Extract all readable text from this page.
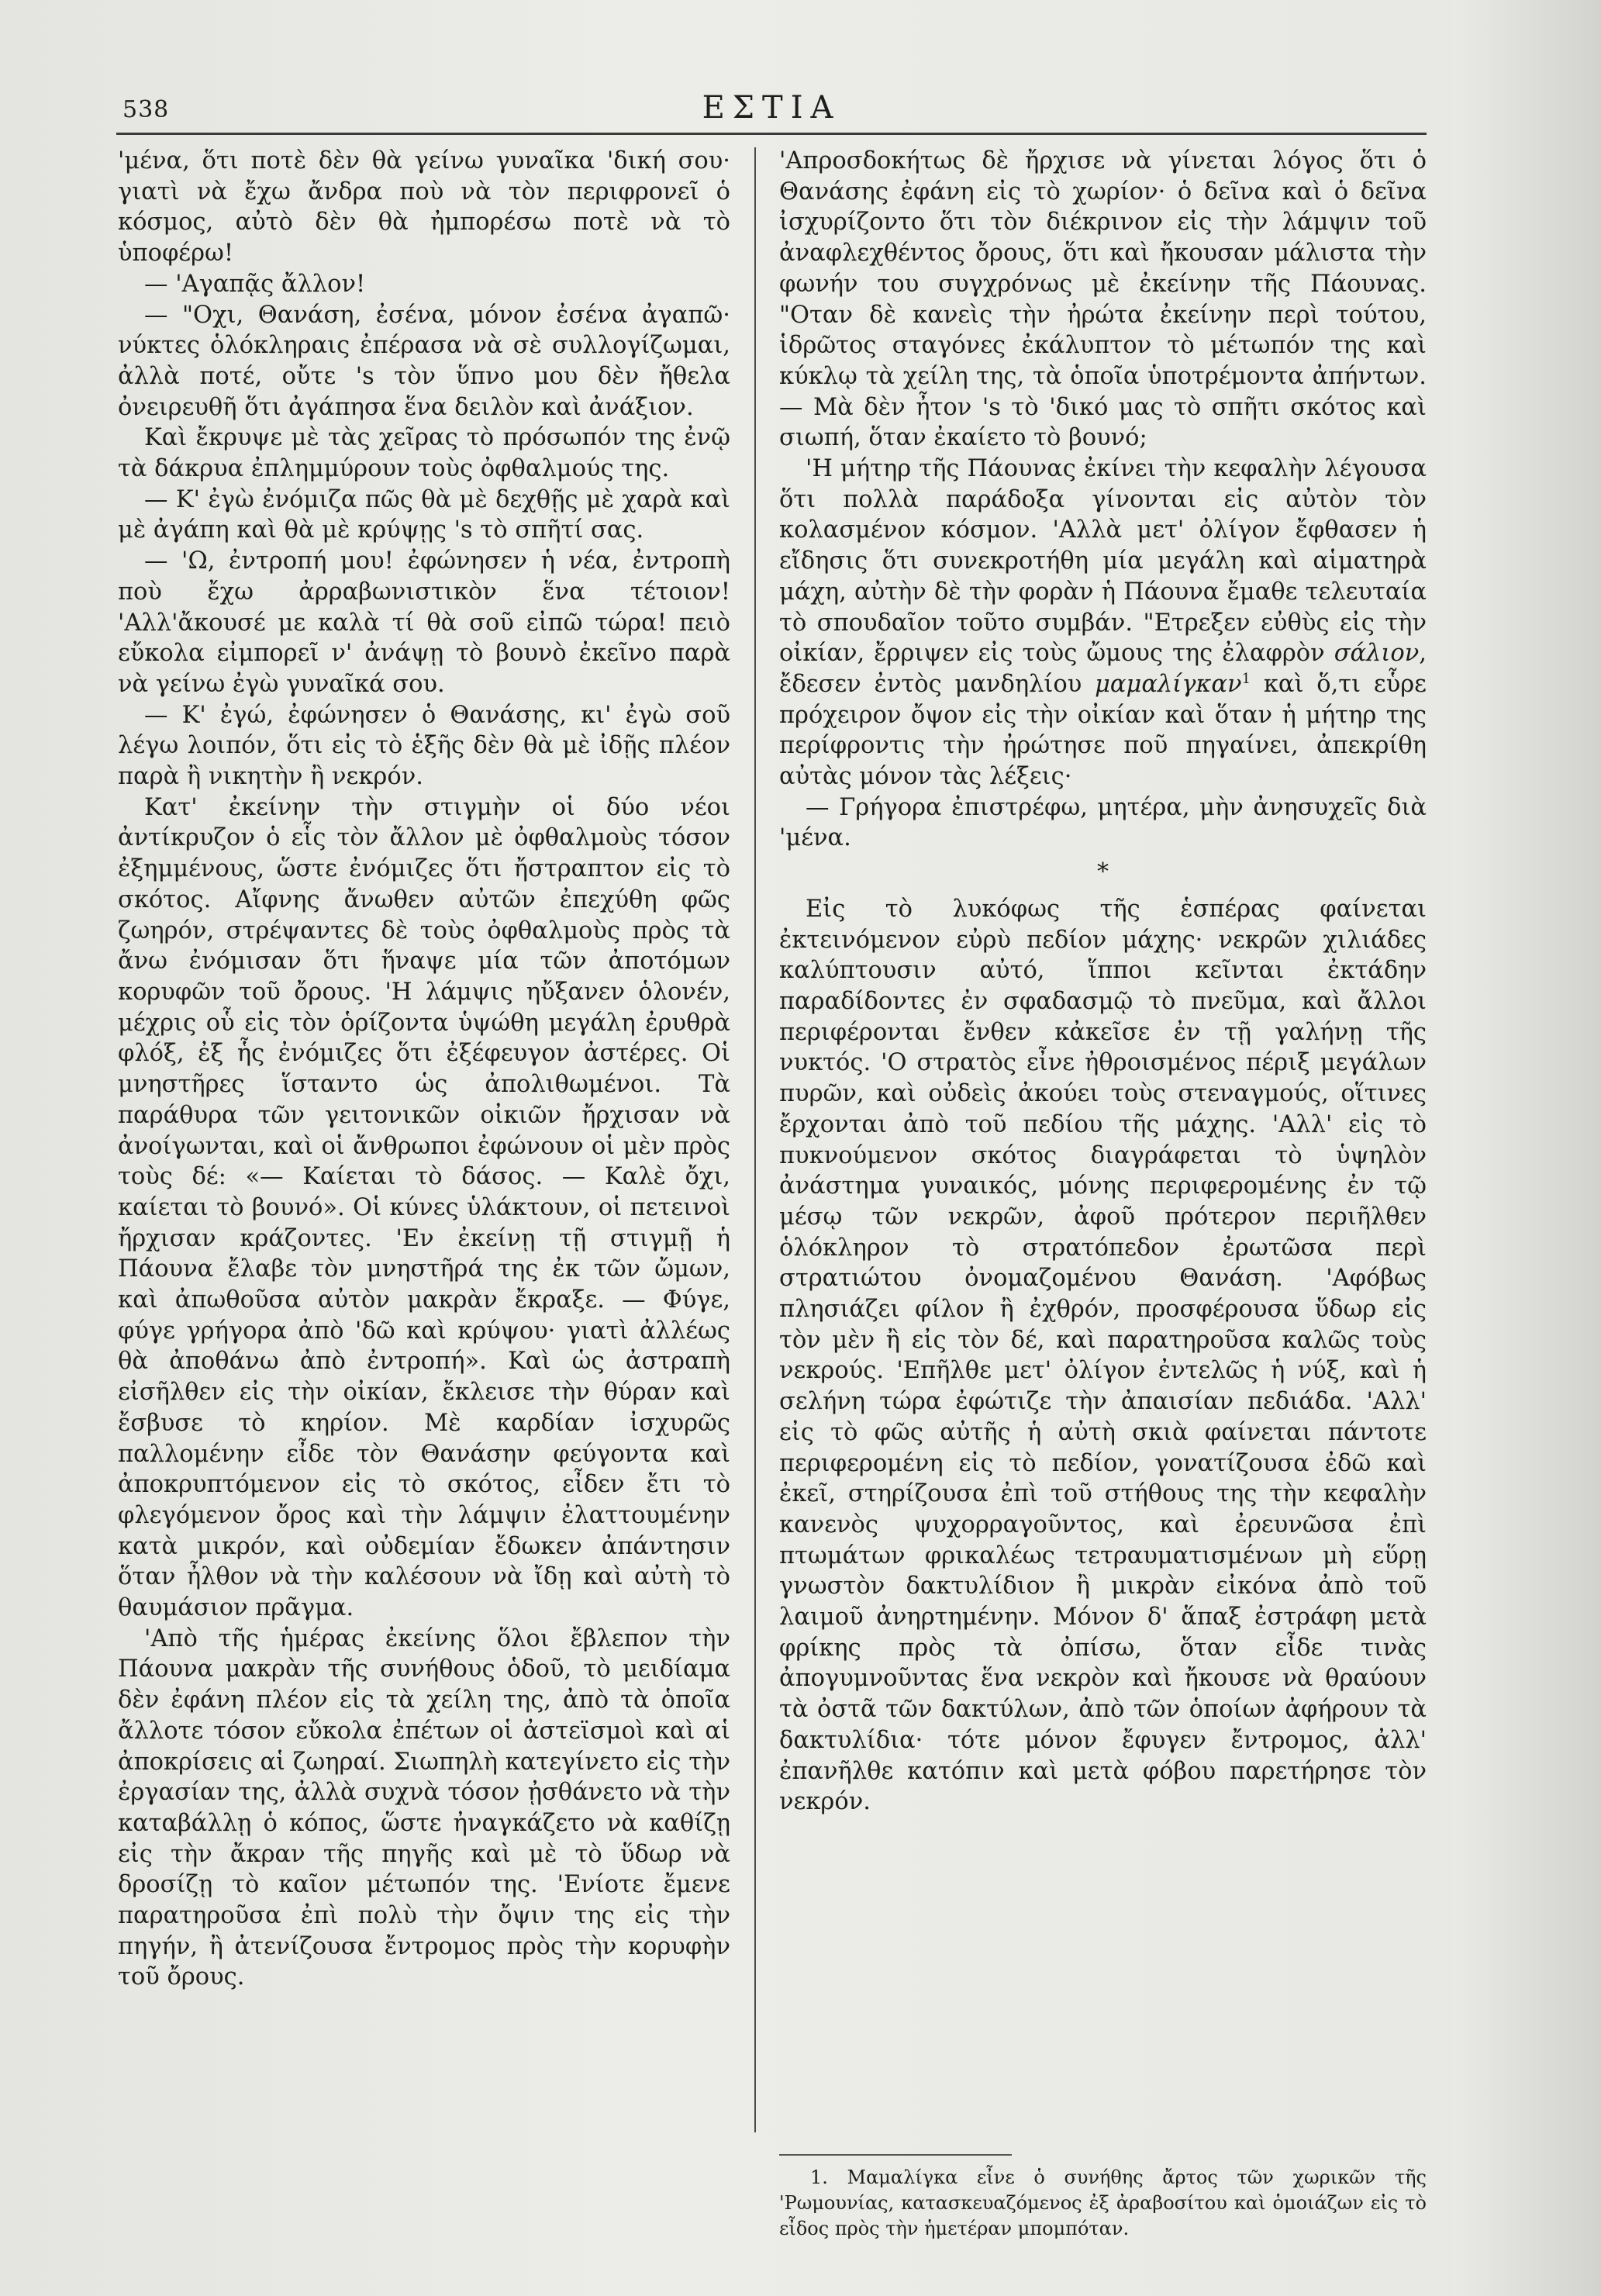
538	ΕΣΤΙΑ

'μένα, ὅτι ποτὲ δὲν θὰ γείνω γυναῖκα 'δική σου· γιατὶ νὰ ἔχω ἄνδρα ποὺ νὰ τὸν περιφρονεῖ ὁ κόσμος, αὐτὸ δὲν θὰ ἠμπορέσω ποτὲ νὰ τὸ ὑποφέρω!

— 'Αγαπᾷς ἄλλον!

— "Οχι, Θανάση, ἐσένα, μόνον ἐσένα ἀγαπῶ· νύκτες ὁλόκληραις ἐπέρασα νὰ σὲ συλλογίζωμαι, ἀλλὰ ποτέ, οὔτε 's τὸν ὕπνο μου δὲν ἤθελα ὀνειρευθῆ ὅτι ἀγάπησα ἕνα δειλὸν καὶ ἀνάξιον.

Καὶ ἔκρυψε μὲ τὰς χεῖρας τὸ πρόσωπόν της ἐνῷ τὰ δάκρυα ἐπλημμύρουν τοὺς ὀφθαλμούς της.

— Κ' ἐγὼ ἐνόμιζα πῶς θὰ μὲ δεχθῇς μὲ χαρὰ καὶ μὲ ἀγάπη καὶ θὰ μὲ κρύψῃς 's τὸ σπῆτί σας.

— 'Ω, ἐντροπή μου! ἐφώνησεν ἡ νέα, ἐντροπὴ ποὺ ἔχω ἀρραβωνιστικὸν ἕνα τέτοιον! 'Αλλ'ἄκουσέ με καλὰ τί θὰ σοῦ εἰπῶ τώρα! πειὸ εὔκολα εἰμπορεῖ ν' ἀνάψῃ τὸ βουνὸ ἐκεῖνο παρὰ νὰ γείνω ἐγὼ γυναῖκά σου.

— Κ' ἐγώ, ἐφώνησεν ὁ Θανάσης, κι' ἐγὼ σοῦ λέγω λοιπόν, ὅτι εἰς τὸ ἑξῆς δὲν θὰ μὲ ἰδῇς πλέον παρὰ ἢ νικητὴν ἢ νεκρόν.

Κατ' ἐκείνην τὴν στιγμὴν οἱ δύο νέοι ἀντίκρυζον ὁ εἷς τὸν ἄλλον μὲ ὀφθαλμοὺς τόσον ἐξημμένους, ὥστε ἐνόμιζες ὅτι ἤστραπτον εἰς τὸ σκότος. Αἴφνης ἄνωθεν αὐτῶν ἐπεχύθη φῶς ζωηρόν, στρέψαντες δὲ τοὺς ὀφθαλμοὺς πρὸς τὰ ἄνω ἐνόμισαν ὅτι ἥναψε μία τῶν ἀποτόμων κορυφῶν τοῦ ὄρους. 'Η λάμψις ηὔξανεν ὁλονέν, μέχρις οὗ εἰς τὸν ὁρίζοντα ὑψώθη μεγάλη ἐρυθρὰ φλόξ, ἐξ ἧς ἐνόμιζες ὅτι ἐξέφευγον ἀστέρες. Οἱ μνηστῆρες ἵσταντο ὡς ἀπολιθωμένοι. Τὰ παράθυρα τῶν γειτονικῶν οἰκιῶν ἤρχισαν νὰ ἀνοίγωνται, καὶ οἱ ἄνθρωποι ἐφώνουν οἱ μὲν πρὸς τοὺς δέ: «— Καίεται τὸ δάσος. — Καλὲ ὄχι, καίεται τὸ βουνό». Οἱ κύνες ὑλάκτουν, οἱ πετεινοὶ ἤρχισαν κράζοντες. 'Εν ἐκείνῃ τῇ στιγμῇ ἡ Πάουνα ἔλαβε τὸν μνηστῆρά της ἐκ τῶν ὤμων, καὶ ἀπωθοῦσα αὐτὸν μακρὰν ἔκραξε. — Φύγε, φύγε γρήγορα ἀπὸ 'δῶ καὶ κρύψου· γιατὶ ἀλλέως θὰ ἀποθάνω ἀπὸ ἐντροπή». Καὶ ὡς ἀστραπὴ εἰσῆλθεν εἰς τὴν οἰκίαν, ἔκλεισε τὴν θύραν καὶ ἔσβυσε τὸ κηρίον. Μὲ καρδίαν ἰσχυρῶς παλλομένην εἶδε τὸν Θανάσην φεύγοντα καὶ ἀποκρυπτόμενον εἰς τὸ σκότος, εἶδεν ἔτι τὸ φλεγόμενον ὄρος καὶ τὴν λάμψιν ἐλαττουμένην κατὰ μικρόν, καὶ οὐδεμίαν ἔδωκεν ἀπάντησιν ὅταν ἦλθον νὰ τὴν καλέσουν νὰ ἴδῃ καὶ αὐτὴ τὸ θαυμάσιον πρᾶγμα.

'Απὸ τῆς ἡμέρας ἐκείνης ὅλοι ἔβλεπον τὴν Πάουνα μακρὰν τῆς συνήθους ὁδοῦ, τὸ μειδίαμα δὲν ἐφάνη πλέον εἰς τὰ χείλη της, ἀπὸ τὰ ὁποῖα ἄλλοτε τόσον εὔκολα ἐπέτων οἱ ἀστεϊσμοὶ καὶ αἱ ἀποκρίσεις αἱ ζωηραί. Σιωπηλὴ κατεγίνετο εἰς τὴν ἐργασίαν της, ἀλλὰ συχνὰ τόσον ᾐσθάνετο νὰ τὴν καταβάλλῃ ὁ κόπος, ὥστε ἠναγκάζετο νὰ καθίζῃ εἰς τὴν ἄκραν τῆς πηγῆς καὶ μὲ τὸ ὕδωρ νὰ δροσίζῃ τὸ καῖον μέτωπόν της. 'Ενίοτε ἔμενε παρατηροῦσα ἐπὶ πολὺ τὴν ὄψιν της εἰς τὴν πηγήν, ἢ ἀτενίζουσα ἔντρομος πρὸς τὴν κορυφὴν τοῦ ὄρους.

'Απροσδοκήτως δὲ ἤρχισε νὰ γίνεται λόγος ὅτι ὁ Θανάσης ἐφάνη εἰς τὸ χωρίον· ὁ δεῖνα καὶ ὁ δεῖνα ἰσχυρίζοντο ὅτι τὸν διέκρινον εἰς τὴν λάμψιν τοῦ ἀναφλεχθέντος ὄρους, ὅτι καὶ ἤκουσαν μάλιστα τὴν φωνήν του συγχρόνως μὲ ἐκείνην τῆς Πάουνας. "Οταν δὲ κανεὶς τὴν ἠρώτα ἐκείνην περὶ τούτου, ἱδρῶτος σταγόνες ἐκάλυπτον τὸ μέτωπόν της καὶ κύκλῳ τὰ χείλη της, τὰ ὁποῖα ὑποτρέμοντα ἀπήντων. — Μὰ δὲν ἦτον 's τὸ 'δικό μας τὸ σπῆτι σκότος καὶ σιωπή, ὅταν ἐκαίετο τὸ βουνό;

'Η μήτηρ τῆς Πάουνας ἐκίνει τὴν κεφαλὴν λέγουσα ὅτι πολλὰ παράδοξα γίνονται εἰς αὐτὸν τὸν κολασμένον κόσμον. 'Αλλὰ μετ' ὀλίγον ἔφθασεν ἡ εἴδησις ὅτι συνεκροτήθη μία μεγάλη καὶ αἱματηρὰ μάχη, αὐτὴν δὲ τὴν φορὰν ἡ Πάουνα ἔμαθε τελευταία τὸ σπουδαῖον τοῦτο συμβάν. "Ετρεξεν εὐθὺς εἰς τὴν οἰκίαν, ἔρριψεν εἰς τοὺς ὤμους της ἐλαφρὸν σάλιον, ἔδεσεν ἐντὸς μανδηλίου μαμαλίγκαν$^1$ καὶ ὅ,τι εὗρε πρόχειρον ὄψον εἰς τὴν οἰκίαν καὶ ὅταν ἡ μήτηρ της περίφροντις τὴν ἠρώτησε ποῦ πηγαίνει, ἀπεκρίθη αὐτὰς μόνον τὰς λέξεις·

— Γρήγορα ἐπιστρέφω, μητέρα, μὴν ἀνησυχεῖς διὰ 'μένα.

*

Εἰς τὸ λυκόφως τῆς ἑσπέρας φαίνεται ἐκτεινόμενον εὐρὺ πεδίον μάχης· νεκρῶν χιλιάδες καλύπτουσιν αὐτό, ἵπποι κεῖνται ἐκτάδην παραδίδοντες ἐν σφαδασμῷ τὸ πνεῦμα, καὶ ἄλλοι περιφέρονται ἔνθεν κἀκεῖσε ἐν τῇ γαλήνῃ τῆς νυκτός. 'Ο στρατὸς εἶνε ἠθροισμένος πέριξ μεγάλων πυρῶν, καὶ οὐδεὶς ἀκούει τοὺς στεναγμούς, οἵτινες ἔρχονται ἀπὸ τοῦ πεδίου τῆς μάχης. 'Αλλ' εἰς τὸ πυκνούμενον σκότος διαγράφεται τὸ ὑψηλὸν ἀνάστημα γυναικός, μόνης περιφερομένης ἐν τῷ μέσῳ τῶν νεκρῶν, ἀφοῦ πρότερον περιῆλθεν ὁλόκληρον τὸ στρατόπεδον ἐρωτῶσα περὶ στρατιώτου ὀνομαζομένου Θανάση. 'Αφόβως πλησιάζει φίλον ἢ ἐχθρόν, προσφέρουσα ὕδωρ εἰς τὸν μὲν ἢ εἰς τὸν δέ, καὶ παρατηροῦσα καλῶς τοὺς νεκρούς. 'Επῆλθε μετ' ὀλίγον ἐντελῶς ἡ νύξ, καὶ ἡ σελήνη τώρα ἐφώτιζε τὴν ἀπαισίαν πεδιάδα. 'Αλλ' εἰς τὸ φῶς αὐτῆς ἡ αὐτὴ σκιὰ φαίνεται πάντοτε περιφερομένη εἰς τὸ πεδίον, γονατίζουσα ἐδῶ καὶ ἐκεῖ, στηρίζουσα ἐπὶ τοῦ στήθους της τὴν κεφαλὴν κανενὸς ψυχορραγοῦντος, καὶ ἐρευνῶσα ἐπὶ πτωμάτων φρικαλέως τετραυματισμένων μὴ εὕρῃ γνωστὸν δακτυλίδιον ἢ μικρὰν εἰκόνα ἀπὸ τοῦ λαιμοῦ ἀνηρτημένην. Μόνον δ' ἅπαξ ἐστράφη μετὰ φρίκης πρὸς τὰ ὀπίσω, ὅταν εἶδε τινὰς ἀπογυμνοῦντας ἕνα νεκρὸν καὶ ἤκουσε νὰ θραύουν τὰ ὀστᾶ τῶν δακτύλων, ἀπὸ τῶν ὁποίων ἀφήρουν τὰ δακτυλίδια· τότε μόνον ἔφυγεν ἔντρομος, ἀλλ' ἐπανῆλθε κατόπιν καὶ μετὰ φόβου παρετήρησε τὸν νεκρόν.

1. Μαμαλίγκα εἶνε ὁ συνήθης ἄρτος τῶν χωρικῶν τῆς 'Ρωμουνίας, κατασκευαζόμενος ἐξ ἀραβοσίτου καὶ ὁμοιάζων εἰς τὸ εἶδος πρὸς τὴν ἡμετέραν μπομπόταν.
